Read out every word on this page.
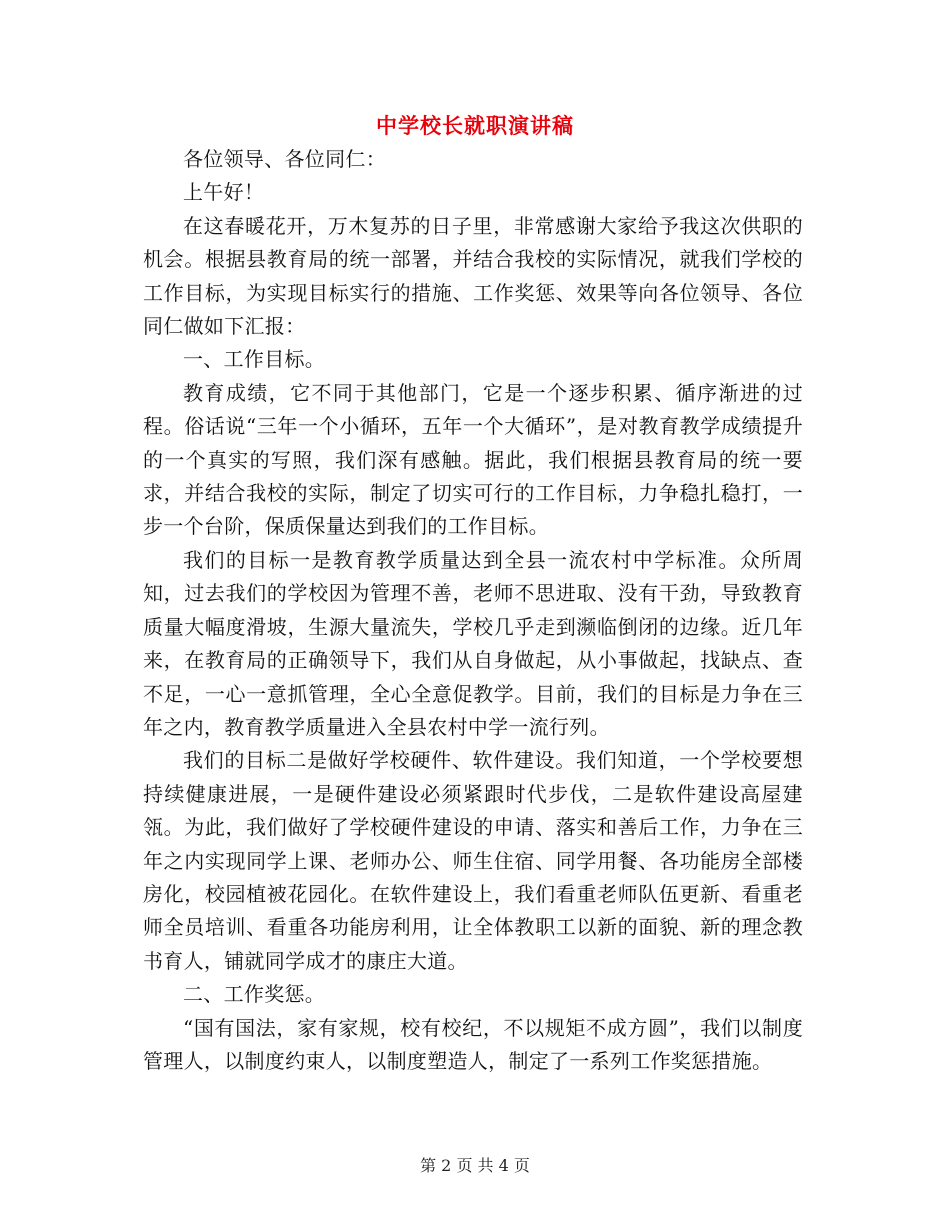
中学校长就职演讲稿

各位领导、各位同仁：

上午好！

在这春暖花开，万木复苏的日子里，非常感谢大家给予我这次供职的机会。根据县教育局的统一部署，并结合我校的实际情况，就我们学校的工作目标，为实现目标实行的措施、工作奖惩、效果等向各位领导、各位同仁做如下汇报：

一、工作目标。

教育成绩，它不同于其他部门，它是一个逐步积累、循序渐进的过程。俗话说“三年一个小循环，五年一个大循环”，是对教育教学成绩提升的一个真实的写照，我们深有感触。据此，我们根据县教育局的统一要求，并结合我校的实际，制定了切实可行的工作目标，力争稳扎稳打，一步一个台阶，保质保量达到我们的工作目标。

我们的目标一是教育教学质量达到全县一流农村中学标准。众所周知，过去我们的学校因为管理不善，老师不思进取、没有干劲，导致教育质量大幅度滑坡，生源大量流失，学校几乎走到濒临倒闭的边缘。近几年来，在教育局的正确领导下，我们从自身做起，从小事做起，找缺点、查不足，一心一意抓管理，全心全意促教学。目前，我们的目标是力争在三年之内，教育教学质量进入全县农村中学一流行列。

我们的目标二是做好学校硬件、软件建设。我们知道，一个学校要想持续健康进展，一是硬件建设必须紧跟时代步伐，二是软件建设高屋建瓴。为此，我们做好了学校硬件建设的申请、落实和善后工作，力争在三年之内实现同学上课、老师办公、师生住宿、同学用餐、各功能房全部楼房化，校园植被花园化。在软件建设上，我们看重老师队伍更新、看重老师全员培训、看重各功能房利用，让全体教职工以新的面貌、新的理念教书育人，铺就同学成才的康庄大道。

二、工作奖惩。

“国有国法，家有家规，校有校纪，不以规矩不成方圆”，我们以制度管理人，以制度约束人，以制度塑造人，制定了一系列工作奖惩措施。

第 2 页 共 4 页
